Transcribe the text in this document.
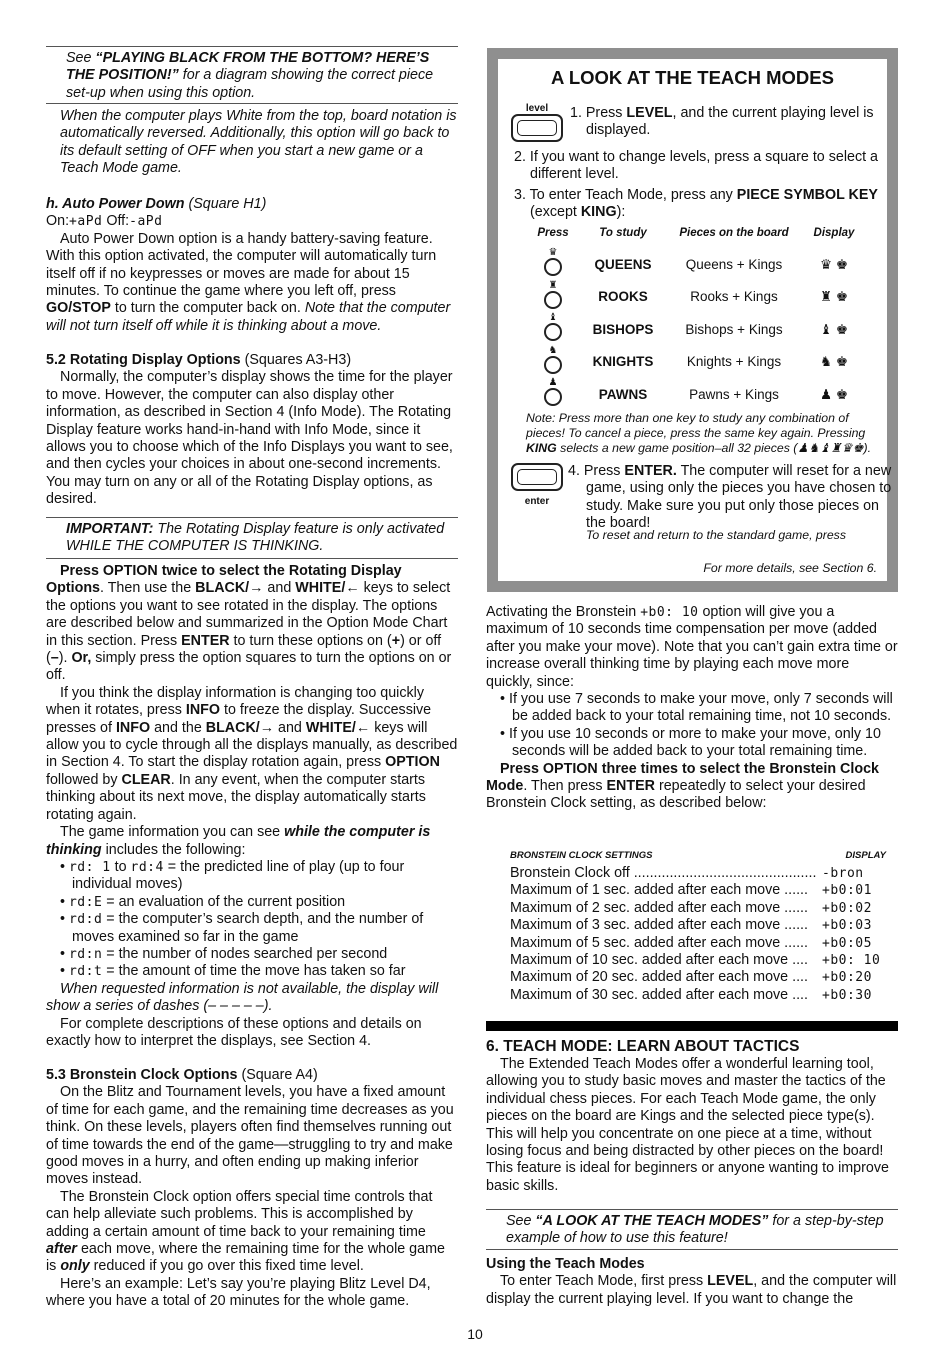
See “PLAYING BLACK FROM THE BOTTOM? HERE’S THE POSITION!” for a diagram showing the correct piece set-up when using this option.

When the computer plays White from the top, board notation is automatically reversed. Additionally, this option will go back to its default setting of OFF when you start a new game or a Teach Mode game.

h. Auto Power Down (Square H1)

On:+aPd Off:-aPd

Auto Power Down option is a handy battery-saving feature. With this option activated, the computer will automatically turn itself off if no keypresses or moves are made for about 15 minutes. To continue the game where you left off, press GO/STOP to turn the computer back on. Note that the computer will not turn itself off while it is thinking about a move.

5.2 Rotating Display Options (Squares A3-H3)

Normally, the computer’s display shows the time for the player to move. However, the computer can also display other information, as described in Section 4 (Info Mode). The Rotating Display feature works hand-in-hand with Info Mode, since it allows you to choose which of the Info Displays you want to see, and then cycles your choices in about one-second increments. You may turn on any or all of the Rotating Display options, as desired.

IMPORTANT: The Rotating Display feature is only activated WHILE THE COMPUTER IS THINKING.

Press OPTION twice to select the Rotating Display Options. Then use the BLACK/→ and WHITE/← keys to select the options you want to see rotated in the display. The options are described below and summarized in the Option Mode Chart in this section. Press ENTER to turn these options on (+) or off (–). Or, simply press the option squares to turn the options on or off.

If you think the display information is changing too quickly when it rotates, press INFO to freeze the display. Successive presses of INFO and the BLACK/→ and WHITE/← keys will allow you to cycle through all the displays manually, as described in Section 4. To start the display rotation again, press OPTION followed by CLEAR. In any event, when the computer starts thinking about its next move, the display automatically starts rotating again.

The game information you can see while the computer is thinking includes the following:

• rd: 1 to rd:4 = the predicted line of play (up to four individual moves)

• rd:E = an evaluation of the current position

• rd:d = the computer’s search depth, and the number of moves examined so far in the game

• rd:n = the number of nodes searched per second

• rd:t = the amount of time the move has taken so far

When requested information is not available, the display will show a series of dashes (– – – – –).

For complete descriptions of these options and details on exactly how to interpret the displays, see Section 4.

5.3 Bronstein Clock Options (Square A4)

On the Blitz and Tournament levels, you have a fixed amount of time for each game, and the remaining time decreases as you think. On these levels, players often find themselves running out of time towards the end of the game—struggling to try and make good moves in a hurry, and often ending up making inferior moves instead.

The Bronstein Clock option offers special time controls that can help alleviate such problems. This is accomplished by adding a certain amount of time back to your remaining time after each move, where the remaining time for the whole game is only reduced if you go over this fixed time level.

Here’s an example: Let’s say you’re playing Blitz Level D4, where you have a total of 20 minutes for the whole game.

A LOOK AT THE TEACH MODES
level	1. Press LEVEL, and the current playing level is displayed.

2. If you want to change levels, press a square to select a different level.

3. To enter Teach Mode, press any PIECE SYMBOL KEY (except KING):

Press	To study	Pieces on the board	Display

♛	QUEENS	Queens + Kings	♛ ♚

♜	ROOKS	Rooks + Kings	♜ ♚

♝	BISHOPS	Bishops + Kings	♝ ♚

♞	KNIGHTS	Knights + Kings	♞ ♚

♟	PAWNS	Pawns + Kings	♟ ♚

Note: Press more than one key to study any combination of pieces! To cancel a piece, press the same key again. Pressing KING selects a new game position–all 32 pieces (♟♞♝♜♛♚).

enter

4. Press ENTER. The computer will reset for a new game, using only the pieces you have chosen to study. Make sure you put only those pieces on the board!

To reset and return to the standard game, press

For more details, see Section 6.

Activating the Bronstein +b0: 10 option will give you a maximum of 10 seconds time compensation per move (added after you make your move). Note that you can’t gain extra time or increase overall thinking time by playing each move more quickly, since:

• If you use 7 seconds to make your move, only 7 seconds will be added back to your total remaining time, not 10 seconds.

• If you use 10 seconds or more to make your move, only 10 seconds will be added back to your total remaining time.

Press OPTION three times to select the Bronstein Clock Mode. Then press ENTER repeatedly to select your desired Bronstein Clock setting, as described below:

BRONSTEIN CLOCK SETTINGS	DISPLAY
Bronstein Clock off .............................................. -bron
Maximum of 1 sec. added after each move ......	+b0:01
Maximum of 2 sec. added after each move ......	+b0:02
Maximum of 3 sec. added after each move ......	+b0:03
Maximum of 5 sec. added after each move ......	+b0:05
Maximum of 10 sec. added after each move ....	+b0: 10
Maximum of 20 sec. added after each move ....	+b0:20
Maximum of 30 sec. added after each move ....	+b0:30

6. TEACH MODE: LEARN ABOUT TACTICS

The Extended Teach Modes offer a wonderful learning tool, allowing you to study basic moves and master the tactics of the individual chess pieces. For each Teach Mode game, the only pieces on the board are Kings and the selected piece type(s). This will help you concentrate on one piece at a time, without losing focus and being distracted by other pieces on the board! This feature is ideal for beginners or anyone wanting to improve basic skills.

See “A LOOK AT THE TEACH MODES” for a step-by-step example of how to use this feature!

Using the Teach Modes

To enter Teach Mode, first press LEVEL, and the computer will display the current playing level. If you want to change the

10
